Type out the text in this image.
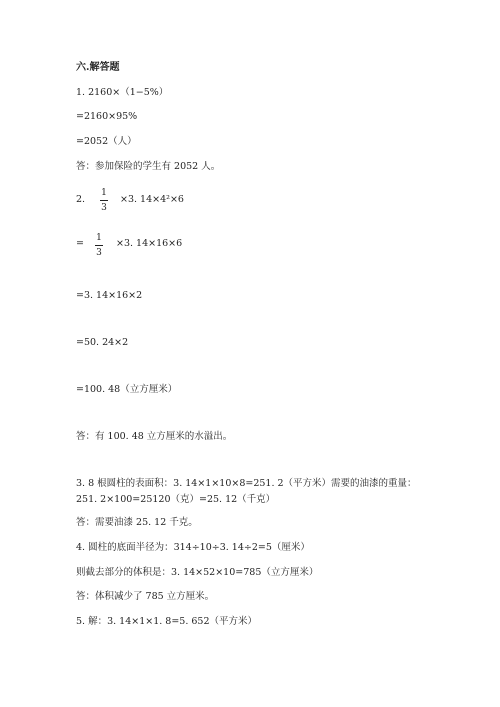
六.解答题
1. 2160×（1−5%）
=2160×95%
=2052（人）
答：参加保险的学生有 2052 人。
2. $\frac{1}{3} \times 3$. 14×4²×6
= $\frac{1}{3} \times 3$. 14×16×6
=3. 14×16×2
=50. 24×2
=100. 48（立方厘米）
答：有 100. 48 立方厘米的水溢出。
3. 8 根圆柱的表面积：3. 14×1×10×8=251. 2（平方米）需要的油漆的重量：
251. 2×100=25120（克）=25. 12（千克）
答：需要油漆 25. 12 千克。
4. 圆柱的底面半径为：314÷10÷3. 14÷2=5（厘米）
则截去部分的体积是：3. 14×52×10=785（立方厘米）
答：体积减少了 785 立方厘米。
5. 解：3. 14×1×1. 8=5. 652（平方米）
